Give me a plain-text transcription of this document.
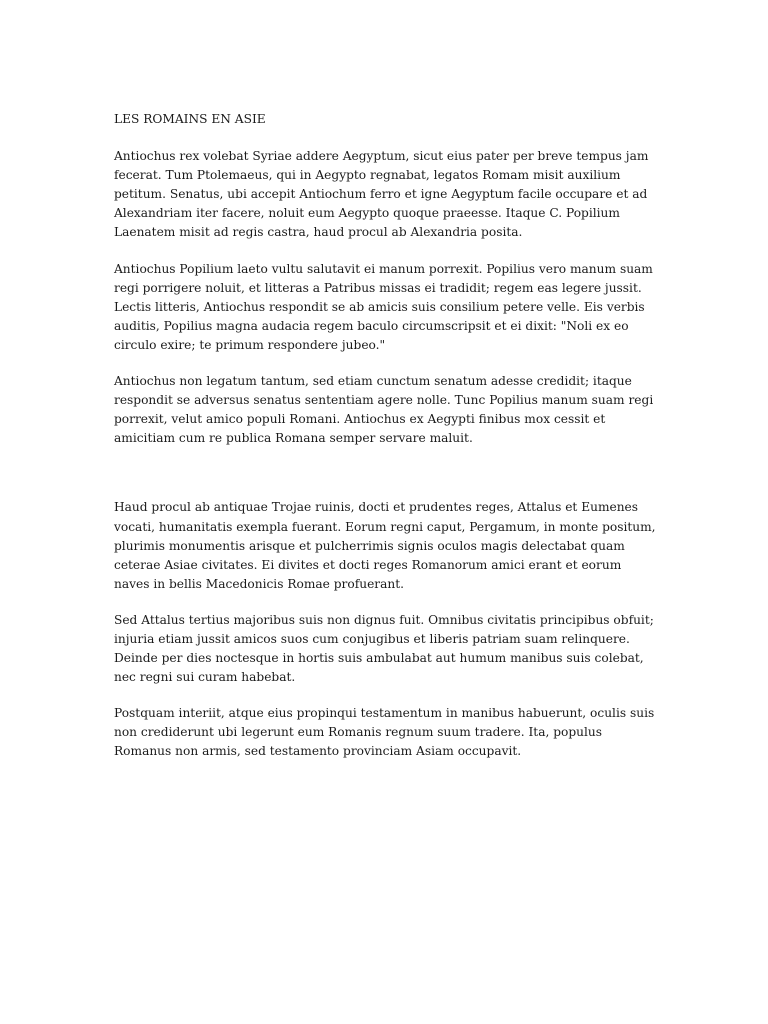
LES ROMAINS EN ASIE

Antiochus rex volebat Syriae addere Aegyptum, sicut eius pater per breve tempus jam fecerat. Tum Ptolemaeus, qui in Aegypto regnabat, legatos Romam misit auxilium petitum. Senatus, ubi accepit Antiochum ferro et igne Aegyptum facile occupare et ad Alexandriam iter facere, noluit eum Aegypto quoque praeesse. Itaque C. Popilium Laenatem misit ad regis castra, haud procul ab Alexandria posita.

Antiochus Popilium laeto vultu salutavit ei manum porrexit. Popilius vero manum suam regi porrigere noluit, et litteras a Patribus missas ei tradidit; regem eas legere jussit. Lectis litteris, Antiochus respondit se ab amicis suis consilium petere velle. Eis verbis auditis, Popilius magna audacia regem baculo circumscripsit et ei dixit: "Noli ex eo circulo exire; te primum respondere jubeo."

Antiochus non legatum tantum, sed etiam cunctum senatum adesse credidit; itaque respondit se adversus senatus sententiam agere nolle. Tunc Popilius manum suam regi porrexit, velut amico populi Romani. Antiochus ex Aegypti finibus mox cessit et amicitiam cum re publica Romana semper servare maluit.

Haud procul ab antiquae Trojae ruinis, docti et prudentes reges, Attalus et Eumenes vocati, humanitatis exempla fuerant. Eorum regni caput, Pergamum, in monte positum, plurimis monumentis arisque et pulcherrimis signis oculos magis delectabat quam ceterae Asiae civitates. Ei divites et docti reges Romanorum amici erant et eorum naves in bellis Macedonicis Romae profuerant.

Sed Attalus tertius majoribus suis non dignus fuit. Omnibus civitatis principibus obfuit; injuria etiam jussit amicos suos cum conjugibus et liberis patriam suam relinquere. Deinde per dies noctesque in hortis suis ambulabat aut humum manibus suis colebat, nec regni sui curam habebat.

Postquam interiit, atque eius propinqui testamentum in manibus habuerunt, oculis suis non crediderunt ubi legerunt eum Romanis regnum suum tradere. Ita, populus Romanus non armis, sed testamento provinciam Asiam occupavit.
